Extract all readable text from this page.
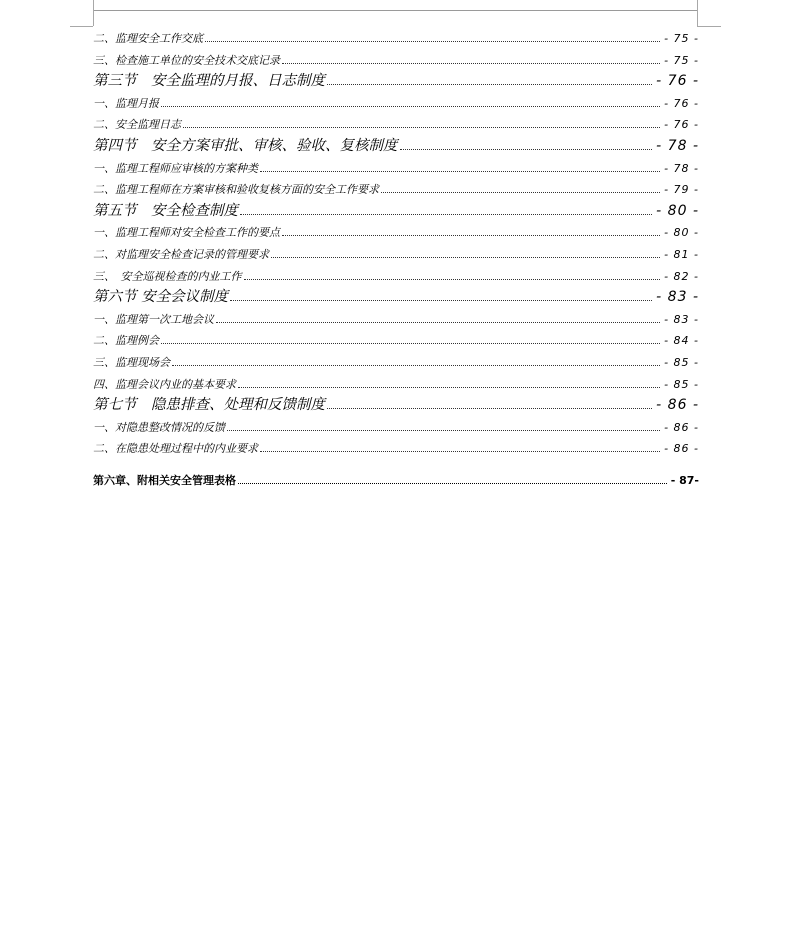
二、监理安全工作交底	- 75 -
三、检查施工单位的安全技术交底记录	- 75 -
第三节　安全监理的月报、日志制度	- 76 -
一、监理月报	- 76 -
二、安全监理日志	- 76 -
第四节　安全方案审批、审核、验收、复核制度	- 78 -
一、监理工程师应审核的方案种类	- 78 -
二、监理工程师在方案审核和验收复核方面的安全工作要求	- 79 -
第五节　安全检查制度	- 80 -
一、监理工程师对安全检查工作的要点	- 80 -
二、对监理安全检查记录的管理要求	- 81 -
三、　安全巡视检查的内业工作	- 82 -
第六节 安全会议制度	- 83 -
一、监理第一次工地会议	- 83 -
二、监理例会	- 84 -
三、监理现场会	- 85 -
四、监理会议内业的基本要求	- 85 -
第七节　隐患排查、处理和反馈制度	- 86 -
一、对隐患整改情况的反馈	- 86 -
二、在隐患处理过程中的内业要求	- 86 -
第六章、附相关安全管理表格	- 87-
